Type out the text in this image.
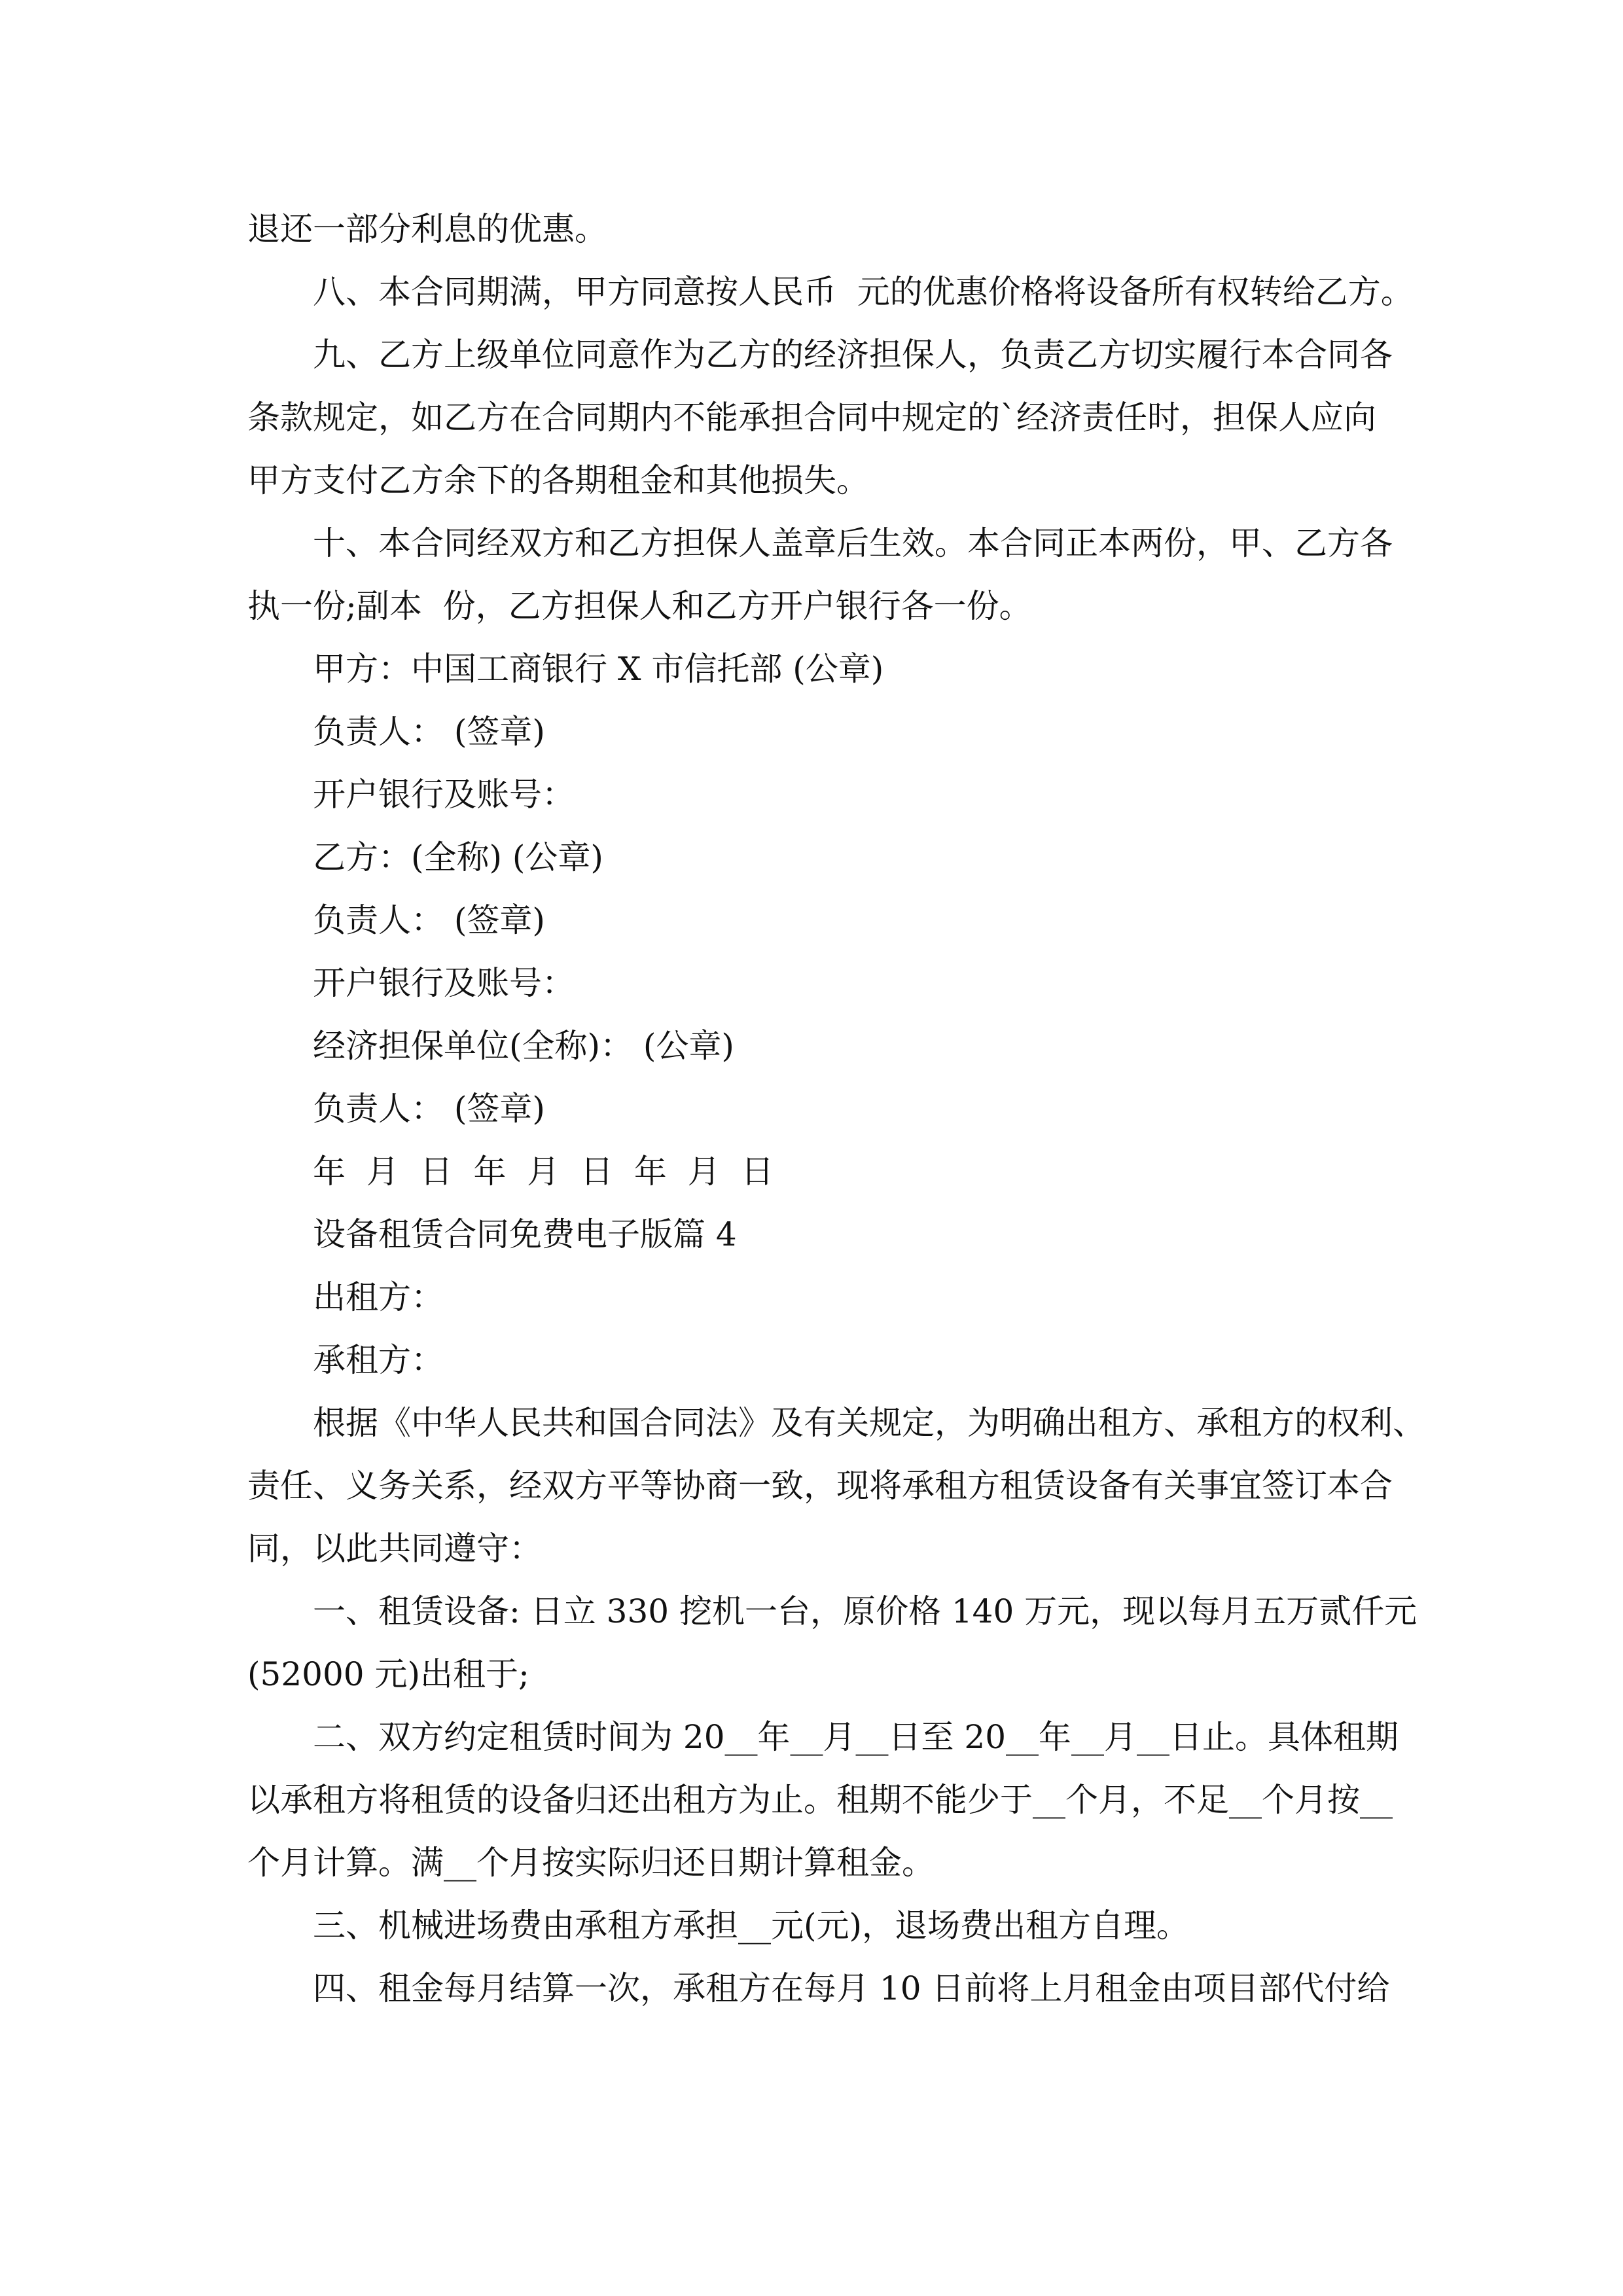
退还一部分利息的优惠。
八、本合同期满，甲方同意按人民币  元的优惠价格将设备所有权转给乙方。
九、乙方上级单位同意作为乙方的经济担保人，负责乙方切实履行本合同各
条款规定，如乙方在合同期内不能承担合同中规定的`经济责任时，担保人应向
甲方支付乙方余下的各期租金和其他损失。
十、本合同经双方和乙方担保人盖章后生效。本合同正本两份，甲、乙方各
执一份;副本  份，乙方担保人和乙方开户银行各一份。
甲方：中国工商银行 X 市信托部 (公章)
负责人： (签章)
开户银行及账号：
乙方：(全称) (公章)
负责人： (签章)
开户银行及账号：
经济担保单位(全称)： (公章)
负责人： (签章)
年  月  日  年  月  日  年  月  日
设备租赁合同免费电子版篇 4
出租方：
承租方：
根据《中华人民共和国合同法》及有关规定，为明确出租方、承租方的权利、
责任、义务关系，经双方平等协商一致，现将承租方租赁设备有关事宜签订本合
同，以此共同遵守：
一、租赁设备: 日立 330 挖机一台，原价格 140 万元，现以每月五万贰仟元
(52000 元)出租于;
二、双方约定租赁时间为 20__年__月__日至 20__年__月__日止。具体租期
以承租方将租赁的设备归还出租方为止。租期不能少于__个月，不足__个月按__
个月计算。满__个月按实际归还日期计算租金。
三、机械进场费由承租方承担__元(元)，退场费出租方自理。
四、租金每月结算一次，承租方在每月 10 日前将上月租金由项目部代付给
